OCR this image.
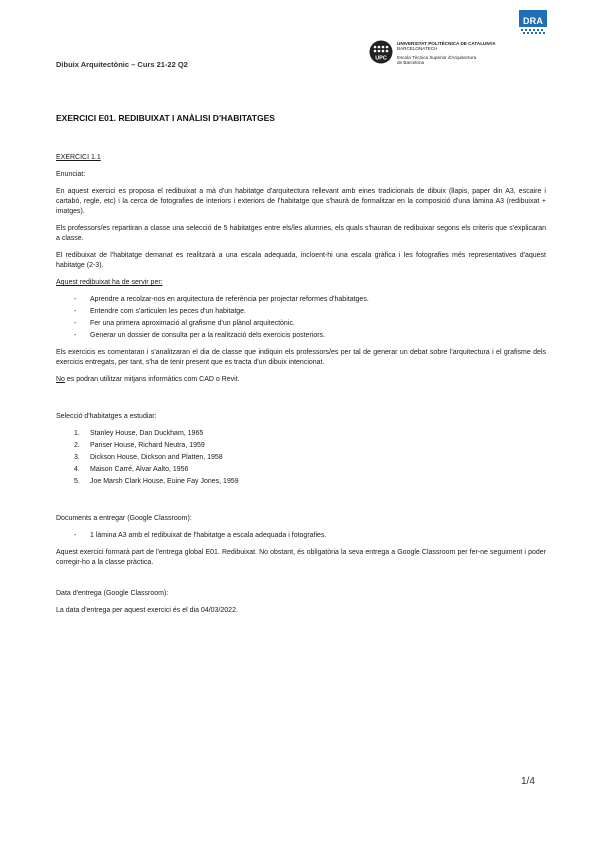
DRA
Dibuix Arquitectònic – Curs 21-22 Q2
UPC
UNIVERSITAT POLITÈCNICA DE CATALUNYA
BARCELONATECH
Escola Tècnica Superior d'Arquitectura
de Barcelona
EXERCICI E01. REDIBUIXAT I ANÀLISI D'HABITATGES

EXERCICI 1.1

Enunciat:

En aquest exercici es proposa el redibuixat a mà d'un habitatge d'arquitectura rellevant amb eines tradicionals de dibuix (llapis, paper din A3, escaire i cartabó, regle, etc) i la cerca de fotografies de interiors i exteriors de l'habitatge que s'haurà de formalitzar en la composició d'una làmina A3 (redibuixat + imatges).

Els professors/es repartiran a classe una selecció de 5 habitatges entre els/les alumnes, els quals s'hauran de redibuixar segons els criteris que s'explicaran a classe.

El redibuixat de l'habitatge demanat es realitzarà a una escala adequada, incloent-hi una escala gràfica i les fotografies més representatives d'aquest habitatge (2-3).

Aquest redibuixat ha de servir per:

- Aprendre a recolzar-nos en arquitectura de referència per projectar reformes d'habitatges.
- Entendre com s'articulen les peces d'un habitatge.
- Fer una primera aproximació al grafisme d'un plànol arquitectònic.
- Generar un dossier de consulta per a la realització dels exercicis posteriors.

Els exercicis es comentaran i s'analitzaran el dia de classe que indiquin els professors/es per tal de generar un debat sobre l'arquitectura i el grafisme dels exercicis entregats, per tant, s'ha de tenir present que es tracta d'un dibuix intencionat.

No es podran utilitzar mitjans informàtics com CAD o Revit.

Selecció d'habitatges a estudiar:

1. Stanley House, Dan Duckham, 1965
2. Pariser House, Richard Neutra, 1959
3. Dickson House, Dickson and Platten, 1958
4. Maison Carré, Alvar Aalto, 1956
5. Joe Marsh Clark House, Euine Fay Jones, 1959

Documents a entregar (Google Classroom):

- 1 làmina A3 amb el redibuixat de l'habitatge a escala adequada i fotografies.

Aquest exercici formarà part de l'entrega global E01. Redibuixat. No obstant, és obligatòria la seva entrega a Google Classroom per fer-ne seguiment i poder corregir-ho a la classe pràctica.

Data d'entrega (Google Classroom):

La data d'entrega per aquest exercici és el dia 04/03/2022.

1/4
